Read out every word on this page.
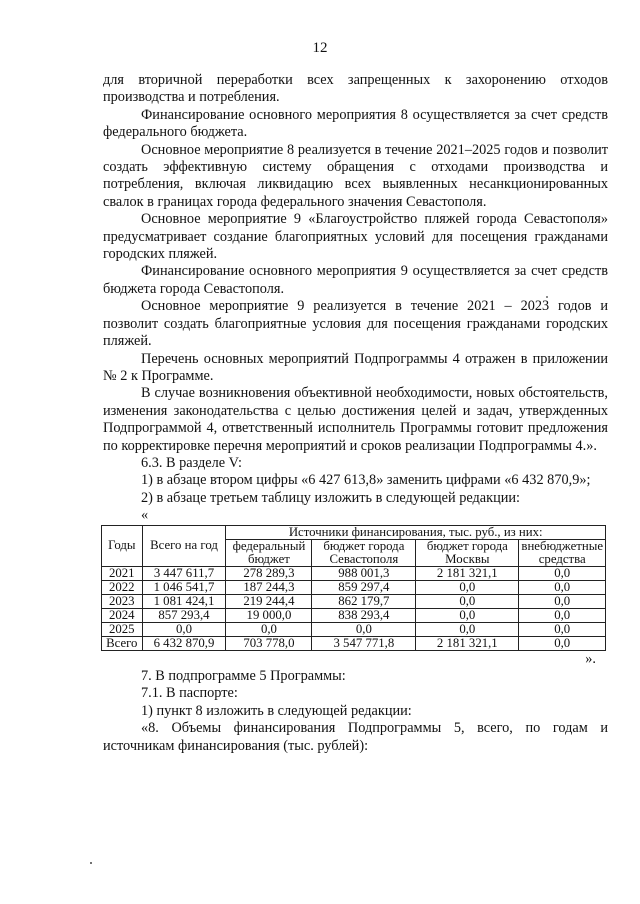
12

для вторичной переработки всех запрещенных к захоронению отходов производства и потребления.

Финансирование основного мероприятия 8 осуществляется за счет средств федерального бюджета.

Основное мероприятие 8 реализуется в течение 2021–2025 годов и позволит создать эффективную систему обращения с отходами производства и потребления, включая ликвидацию всех выявленных несанкционированных свалок в границах города федерального значения Севастополя.

Основное мероприятие 9 «Благоустройство пляжей города Севастополя» предусматривает создание благоприятных условий для посещения гражданами городских пляжей.

Финансирование основного мероприятия 9 осуществляется за счет средств бюджета города Севастополя.

Основное мероприятие 9 реализуется в течение 2021 – 2023 годов и позволит создать благоприятные условия для посещения гражданами городских пляжей.

Перечень основных мероприятий Подпрограммы 4 отражен в приложении № 2 к Программе.

В случае возникновения объективной необходимости, новых обстоятельств, изменения законодательства с целью достижения целей и задач, утвержденных Подпрограммой 4, ответственный исполнитель Программы готовит предложения по корректировке перечня мероприятий и сроков реализации Подпрограммы 4.».

6.3. В разделе V:

1) в абзаце втором цифры «6 427 613,8» заменить цифрами «6 432 870,9»;

2) в абзаце третьем таблицу изложить в следующей редакции:

«

Годы	Всего на год	Источники финансирования, тыс. руб., из них:			
		федеральный бюджет	бюджет города Севастополя	бюджет города Москвы	внебюджетные средства
2021	3 447 611,7	278 289,3	988 001,3	2 181 321,1	0,0
2022	1 046 541,7	187 244,3	859 297,4	0,0	0,0
2023	1 081 424,1	219 244,4	862 179,7	0,0	0,0
2024	857 293,4	19 000,0	838 293,4	0,0	0,0
2025	0,0	0,0	0,0	0,0	0,0
Всего	6 432 870,9	703 778,0	3 547 771,8	2 181 321,1	0,0

».

7. В подпрограмме 5 Программы:

7.1. В паспорте:

1) пункт 8 изложить в следующей редакции:

«8. Объемы финансирования Подпрограммы 5, всего, по годам и источникам финансирования (тыс. рублей):
